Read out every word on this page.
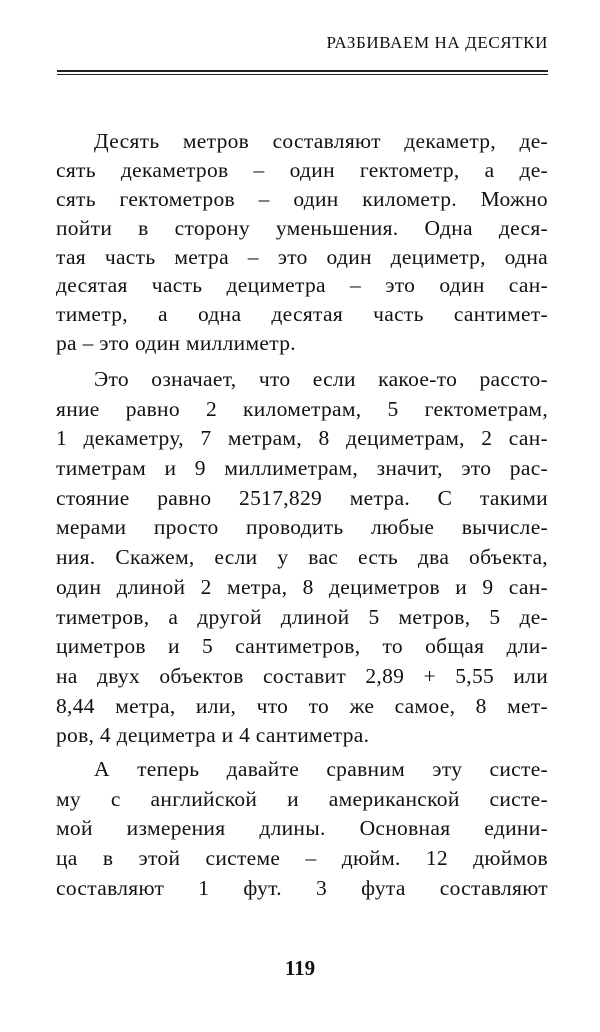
РАЗБИВАЕМ НА ДЕСЯТКИ
Десять метров составляют декаметр, де-
сять декаметров – один гектометр, а де-
сять гектометров – один километр. Можно
пойти в сторону уменьшения. Одна деся-
тая часть метра – это один дециметр, одна
десятая часть дециметра – это один сан-
тиметр, а одна десятая часть сантимет-
ра – это один миллиметр.
Это означает, что если какое-то рассто-
яние равно 2 километрам, 5 гектометрам,
1 декаметру, 7 метрам, 8 дециметрам, 2 сан-
тиметрам и 9 миллиметрам, значит, это рас-
стояние равно 2517,829 метра. С такими
мерами просто проводить любые вычисле-
ния. Скажем, если у вас есть два объекта,
один длиной 2 метра, 8 дециметров и 9 сан-
тиметров, а другой длиной 5 метров, 5 де-
циметров и 5 сантиметров, то общая дли-
на двух объектов составит 2,89 + 5,55 или
8,44 метра, или, что то же самое, 8 мет-
ров, 4 дециметра и 4 сантиметра.
А теперь давайте сравним эту систе-
му с английской и американской систе-
мой измерения длины. Основная едини-
ца в этой системе – дюйм. 12 дюймов
составляют 1 фут. 3 фута составляют
119
